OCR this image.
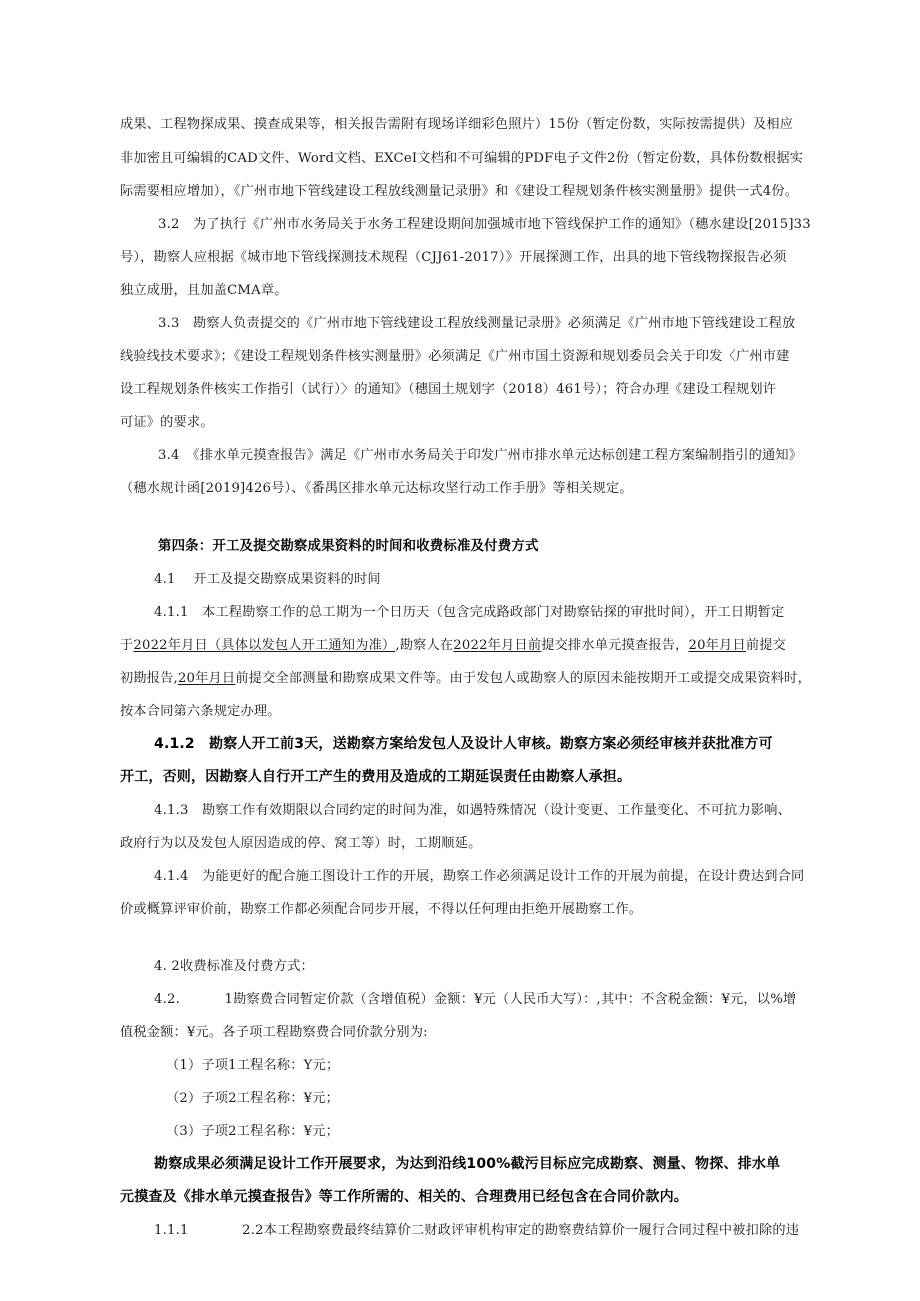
成果、工程物探成果、摸查成果等，相关报告需附有现场详细彩色照片）15份（暂定份数，实际按需提供）及相应
非加密且可编辑的CAD文件、Word文档、EXCeI文档和不可编辑的PDF电子文件2份（暂定份数，具体份数根据实
际需要相应增加），《广州市地下管线建设工程放线测量记录册》和《建设工程规划条件核实测量册》提供一式4份。
3.2　为了执行《广州市水务局关于水务工程建设期间加强城市地下管线保护工作的通知》（穗水建设[2015]33
号），勘察人应根据《城市地下管线探测技术规程（CJJ61-2017）》开展探测工作，出具的地下管线物探报告必须
独立成册，且加盖CMA章。
3.3　勘察人负责提交的《广州市地下管线建设工程放线测量记录册》必须满足《广州市地下管线建设工程放
线验线技术要求》；《建设工程规划条件核实测量册》必须满足《广州市国土资源和规划委员会关于印发〈广州市建
设工程规划条件核实工作指引（试行）〉的通知》（穗国土规划字（2018）461号）；符合办理《建设工程规划许
可证》的要求。
3.4　《排水单元摸查报告》满足《广州市水务局关于印发广州市排水单元达标创建工程方案编制指引的通知》
（穗水规计函[2019]426号）、《番禺区排水单元达标攻坚行动工作手册》等相关规定。
第四条：开工及提交勘察成果资料的时间和收费标准及付费方式
4.1　 开工及提交勘察成果资料的时间
4.1.1　本工程勘察工作的总工期为一个日历天（包含完成路政部门对勘察钻探的审批时间），开工日期暂定
于2022年月日（具体以发包人开工通知为准）,勘察人在2022年月日前提交排水单元摸查报告，20年月日前提交
初勘报告,20年月日前提交全部测量和勘察成果文件等。由于发包人或勘察人的原因未能按期开工或提交成果资料时，
按本合同第六条规定办理。
4.1.2　勘察人开工前3天，送勘察方案给发包人及设计人审核。勘察方案必须经审核并获批准方可
开工，否则，因勘察人自行开工产生的费用及造成的工期延误责任由勘察人承担。
4.1.3　勘察工作有效期限以合同约定的时间为准，如遇特殊情况（设计变更、工作量变化、不可抗力影响、
政府行为以及发包人原因造成的停、窝工等）时，工期顺延。
4.1.4　为能更好的配合施工图设计工作的开展，勘察工作必须满足设计工作的开展为前提，在设计费达到合同
价或概算评审价前，勘察工作都必须配合同步开展，不得以任何理由拒绝开展勘察工作。
4. 2收费标准及付费方式：
4.2.　　　 1勘察费合同暂定价款（含增值税）金额：¥元（人民币大写）：,其中：不含税金额：¥元，以%增
值税金额：¥元。各子项工程勘察费合同价款分别为:
（1）子项1工程名称：Y元；
（2）子项2工程名称：¥元；
（3）子项2工程名称：¥元；
勘察成果必须满足设计工作开展要求，为达到沿线100%截污目标应完成勘察、测量、物探、排水单
元摸查及《排水单元摸查报告》等工作所需的、相关的、合理费用已经包含在合同价款内。
1.1.1　　　　2.2本工程勘察费最终结算价二财政评审机构审定的勘察费结算价一履行合同过程中被扣除的违
